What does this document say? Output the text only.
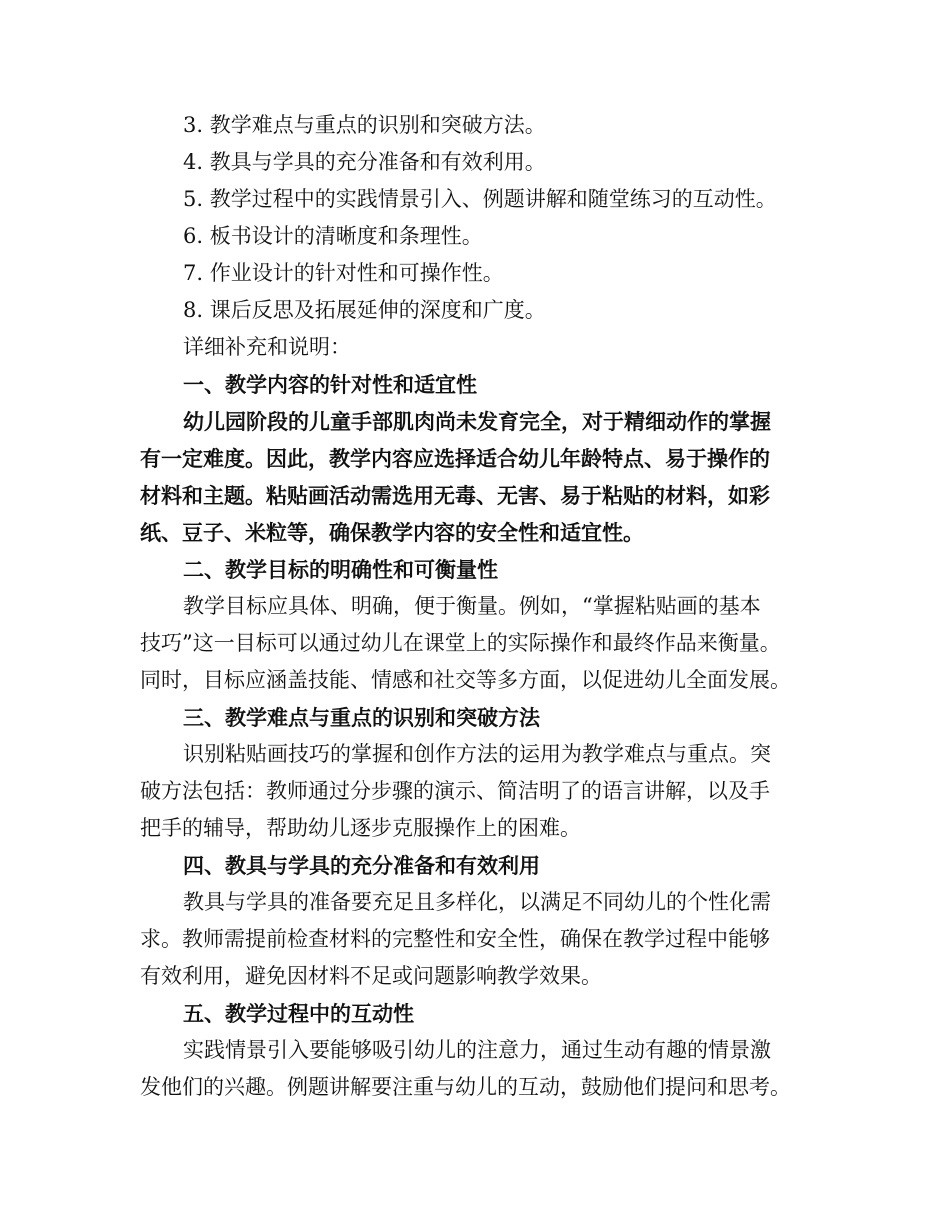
3. 教学难点与重点的识别和突破方法。
4. 教具与学具的充分准备和有效利用。
5. 教学过程中的实践情景引入、例题讲解和随堂练习的互动性。
6. 板书设计的清晰度和条理性。
7. 作业设计的针对性和可操作性。
8. 课后反思及拓展延伸的深度和广度。
详细补充和说明：
一、教学内容的针对性和适宜性
幼儿园阶段的儿童手部肌肉尚未发育完全，对于精细动作的掌握
有一定难度。因此，教学内容应选择适合幼儿年龄特点、易于操作的
材料和主题。粘贴画活动需选用无毒、无害、易于粘贴的材料，如彩
纸、豆子、米粒等，确保教学内容的安全性和适宜性。
二、教学目标的明确性和可衡量性
教学目标应具体、明确，便于衡量。例如，“掌握粘贴画的基本
技巧”这一目标可以通过幼儿在课堂上的实际操作和最终作品来衡量。
同时，目标应涵盖技能、情感和社交等多方面，以促进幼儿全面发展。
三、教学难点与重点的识别和突破方法
识别粘贴画技巧的掌握和创作方法的运用为教学难点与重点。突
破方法包括：教师通过分步骤的演示、简洁明了的语言讲解，以及手
把手的辅导，帮助幼儿逐步克服操作上的困难。
四、教具与学具的充分准备和有效利用
教具与学具的准备要充足且多样化，以满足不同幼儿的个性化需
求。教师需提前检查材料的完整性和安全性，确保在教学过程中能够
有效利用，避免因材料不足或问题影响教学效果。
五、教学过程中的互动性
实践情景引入要能够吸引幼儿的注意力，通过生动有趣的情景激
发他们的兴趣。例题讲解要注重与幼儿的互动，鼓励他们提问和思考。
